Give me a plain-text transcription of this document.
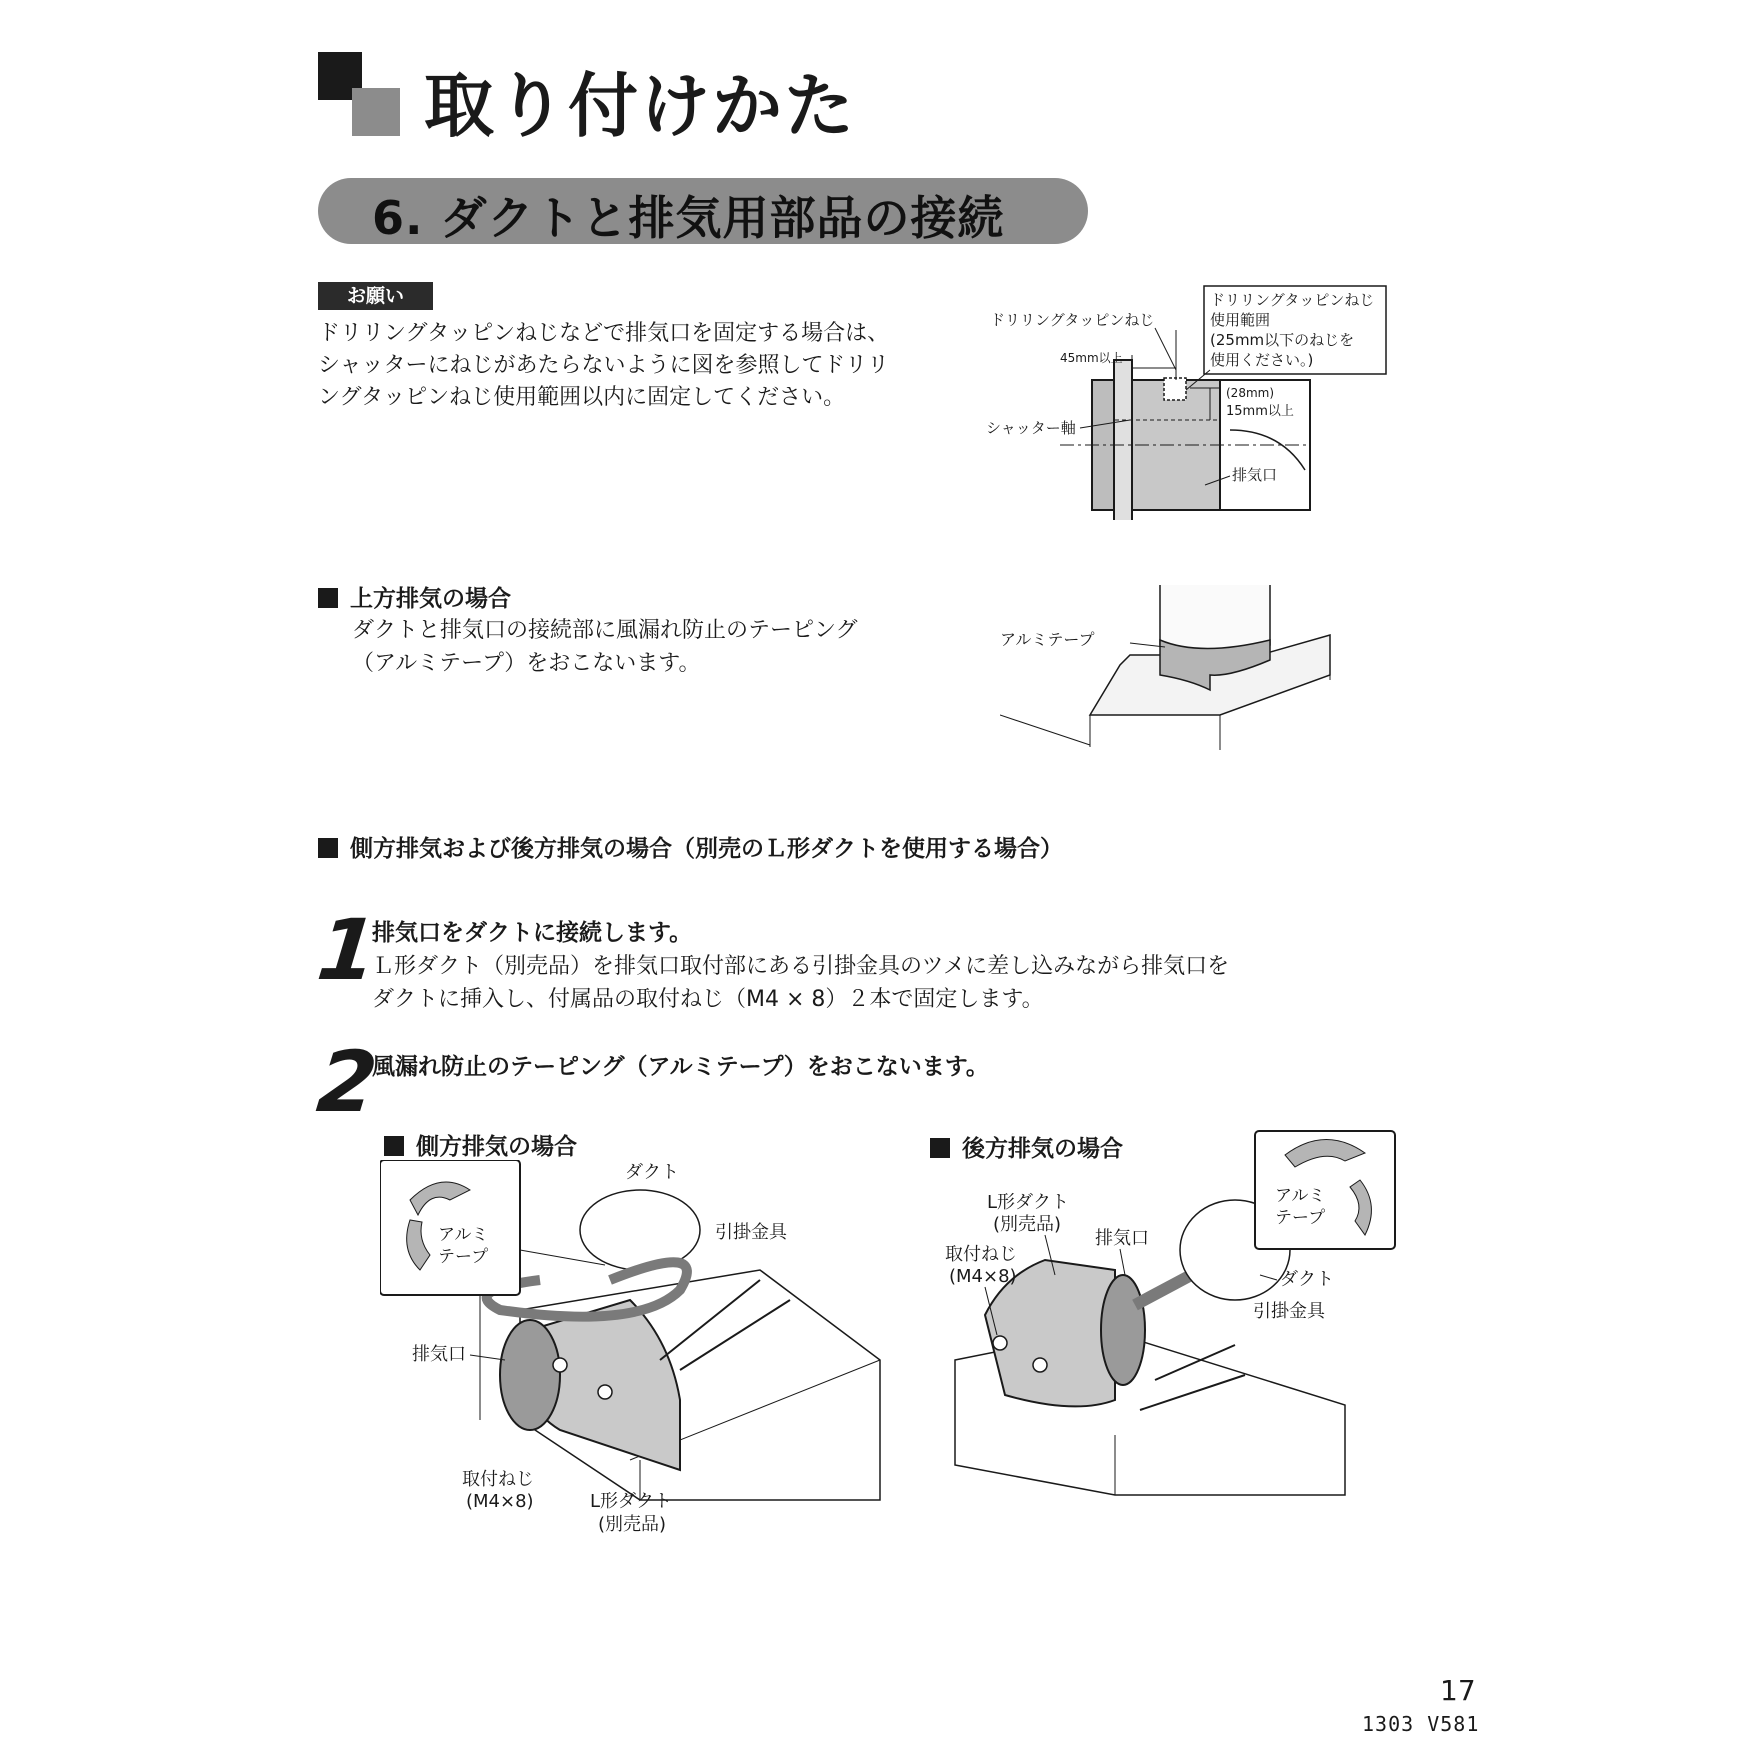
取り付けかた
6. ダクトと排気用部品の接続
お願い
ドリリングタッピンねじなどで排気口を固定する場合は、
シャッターにねじがあたらないように図を参照してドリリ
ングタッピンねじ使用範囲以内に固定してください。
ドリリングタッピンねじ
使用範囲
(25mm以下のねじを
使用ください。)
ドリリングタッピンねじ
45mm以上
(28mm)
15mm以上
シャッター軸
排気口
上方排気の場合
ダクトと排気口の接続部に風漏れ防止のテーピング
（アルミテープ）をおこないます。
アルミテープ
側方排気および後方排気の場合（別売のＬ形ダクトを使用する場合）
1
排気口をダクトに接続します。
Ｌ形ダクト（別売品）を排気口取付部にある引掛金具のツメに差し込みながら排気口を
ダクトに挿入し、付属品の取付ねじ（M4 × 8）２本で固定します。
2
風漏れ防止のテーピング（アルミテープ）をおこないます。
側方排気の場合
アルミ
テープ
ダクト
引掛金具
排気口
取付ねじ
(M4×8)	L形ダクト
(別売品)
後方排気の場合
アルミ
テープ
L形ダクト
(別売品)
取付ねじ
(M4×8)
排気口
ダクト
引掛金具
17
1303 V581
